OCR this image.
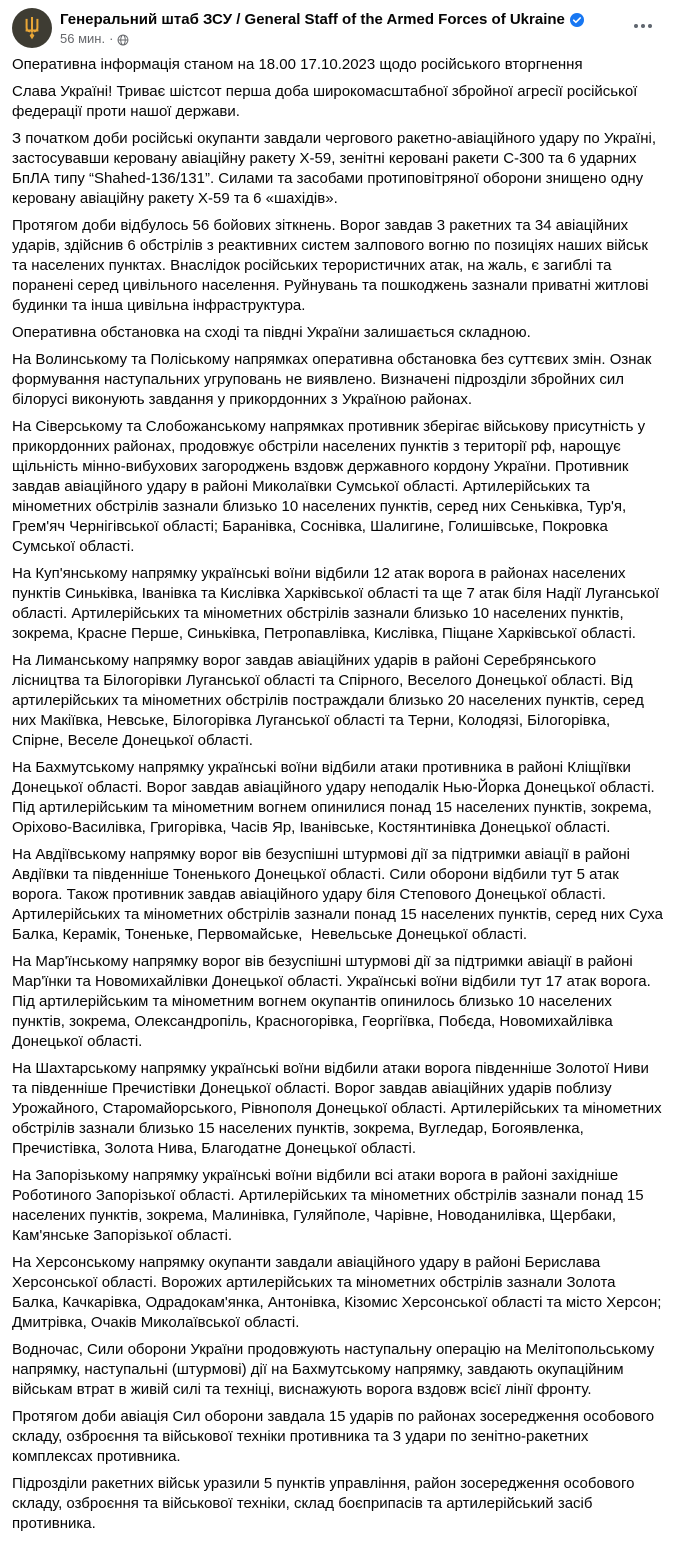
Генеральний штаб ЗСУ / General Staff of the Armed Forces of Ukraine
56 мин. ·

Оперативна інформація станом на 18.00 17.10.2023 щодо російського вторгнення

Слава Україні! Триває шістсот перша доба широкомасштабної збройної агресії російської федерації проти нашої держави.

З початком доби російські окупанти завдали чергового ракетно-авіаційного удару по Україні, застосувавши керовану авіаційну ракету Х-59, зенітні керовані ракети С-300 та 6 ударних БпЛА типу “Shahed-136/131”. Силами та засобами протиповітряної оборони знищено одну керовану авіаційну ракету Х-59 та 6 «шахідів».

Протягом доби відбулось 56 бойових зіткнень. Ворог завдав 3 ракетних та 34 авіаційних ударів, здійснив 6 обстрілів з реактивних систем залпового вогню по позиціях наших військ та населених пунктах. Внаслідок російських терористичних атак, на жаль, є загиблі та поранені серед цивільного населення. Руйнувань та пошкоджень зазнали приватні житлові будинки та інша цивільна інфраструктура.

Оперативна обстановка на сході та півдні України залишається складною.

На Волинському та Поліському напрямках оперативна обстановка без суттєвих змін. Ознак формування наступальних угруповань не виявлено. Визначені підрозділи збройних сил білорусі виконують завдання у прикордонних з Україною районах.

На Сіверському та Слобожанському напрямках противник зберігає військову присутність у прикордонних районах, продовжує обстріли населених пунктів з території рф, нарощує щільність мінно-вибухових загороджень вздовж державного кордону України. Противник завдав авіаційного удару в районі Миколаївки Сумської області. Артилерійських та мінометних обстрілів зазнали близько 10 населених пунктів, серед них Сеньківка, Тур'я, Грем'яч Чернігівської області; Баранівка, Соснівка, Шалигине, Голишівське, Покровка Сумської області.

На Куп'янському напрямку українські воїни відбили 12 атак ворога в районах населених пунктів Синьківка, Іванівка та Кислівка Харківської області та ще 7 атак біля Надії Луганської області. Артилерійських та мінометних обстрілів зазнали близько 10 населених пунктів, зокрема, Красне Перше, Синьківка, Петропавлівка, Кислівка, Піщане Харківської області.

На Лиманському напрямку ворог завдав авіаційних ударів в районі Серебрянського лісництва та Білогорівки Луганської області та Спірного, Веселого Донецької області. Від артилерійських та мінометних обстрілів постраждали близько 20 населених пунктів, серед них Макіївка, Невське, Білогорівка Луганської області та Терни, Колодязі, Білогорівка, Спірне, Веселе Донецької області.

На Бахмутському напрямку українські воїни відбили атаки противника в районі Кліщіївки Донецької області. Ворог завдав авіаційного удару неподалік Нью-Йорка Донецької області. Під артилерійським та мінометним вогнем опинилися понад 15 населених пунктів, зокрема, Оріхово-Василівка, Григорівка, Часів Яр, Іванівське, Костянтинівка Донецької області.

На Авдіївському напрямку ворог вів безуспішні штурмові дії за підтримки авіації в районі Авдіївки та південніше Тоненького Донецької області. Сили оборони відбили тут 5 атак ворога. Також противник завдав авіаційного удару біля Степового Донецької області. Артилерійських та мінометних обстрілів зазнали понад 15 населених пунктів, серед них Суха Балка, Керамік, Тоненьке, Первомайське,  Невельське Донецької області.

На Мар'їнському напрямку ворог вів безуспішні штурмові дії за підтримки авіації в районі Мар'їнки та Новомихайлівки Донецької області. Українські воїни відбили тут 17 атак ворога. Під артилерійським та мінометним вогнем окупантів опинилось близько 10 населених пунктів, зокрема, Олександропіль, Красногорівка, Георгіївка, Побєда, Новомихайлівка Донецької області.

На Шахтарському напрямку українські воїни відбили атаки ворога південніше Золотої Ниви та південніше Пречистівки Донецької області. Ворог завдав авіаційних ударів поблизу Урожайного, Старомайорського, Рівнополя Донецької області. Артилерійських та мінометних обстрілів зазнали близько 15 населених пунктів, зокрема, Вугледар, Богоявленка, Пречистівка, Золота Нива, Благодатне Донецької області.

На Запорізькому напрямку українські воїни відбили всі атаки ворога в районі західніше Роботиного Запорізької області. Артилерійських та мінометних обстрілів зазнали понад 15 населених пунктів, зокрема, Малинівка, Гуляйполе, Чарівне, Новоданилівка, Щербаки, Кам'янське Запорізької області.

На Херсонському напрямку окупанти завдали авіаційного удару в районі Берислава Херсонської області. Ворожих артилерійських та мінометних обстрілів зазнали Золота Балка, Качкарівка, Одрадокам'янка, Антонівка, Кізомис Херсонської області та місто Херсон; Дмитрівка, Очаків Миколаївської області.

Водночас, Сили оборони України продовжують наступальну операцію на Мелітопольському напрямку, наступальні (штурмові) дії на Бахмутському напрямку, завдають окупаційним військам втрат в живій силі та техніці, виснажують ворога вздовж всієї лінії фронту.

Протягом доби авіація Сил оборони завдала 15 ударів по районах зосередження особового складу, озброєння та військової техніки противника та 3 удари по зенітно-ракетних комплексах противника.

Підрозділи ракетних військ уразили 5 пунктів управління, район зосередження особового складу, озброєння та військової техніки, склад боєприпасів та артилерійський засіб противника.
